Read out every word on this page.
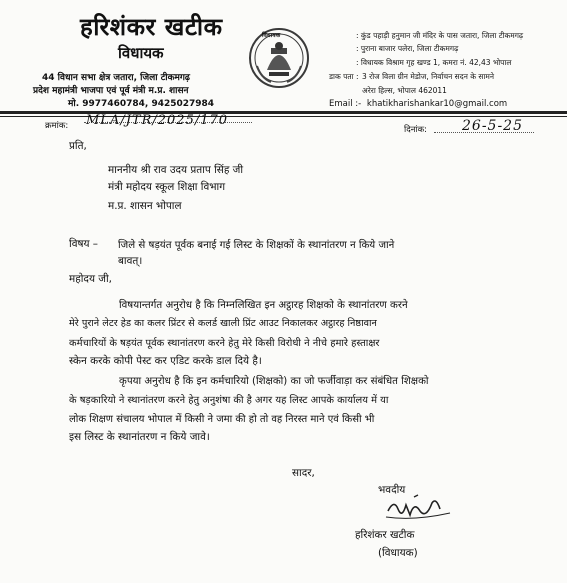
हरिशंकर खटीक
विधायक
44 विधान सभा क्षेत्र जतारा, जिला टीकमगढ़
प्रदेश महामंत्री भाजपा एवं पूर्व मंत्री म.प्र. शासन
मो. 9977460784, 9425027984
विधायक	: कुंड पहाड़ी हनुमान जी मंदिर के पास जतारा, जिला टीकमगढ़
: पुराना बाजार पलेरा, जिला टीकमगढ़
: विधायक विश्राम गृह खण्ड 1, कमरा नं. 42,43 भोपाल
डाक पता : 3 रोज विला ग्रीन मेडोज, निर्वाचन सदन के सामने
अरेरा हिल्स, भोपाल 462011
Email :- khatikharishankar10@gmail.com
क्रमांक: MLA/JTR/2025/170
दिनांक: 26-5-25
प्रति,
माननीय श्री राव उदय प्रताप सिंह जी
मंत्री महोदय स्कूल शिक्षा विभाग
म.प्र. शासन भोपाल
विषय – जिले से षड़यंत पूर्वक बनाई गई लिस्ट के शिक्षकों के स्थानांतरण न किये जाने
बावत्।
महोदय जी,
विषयान्तर्गत अनुरोध है कि निम्नलिखित इन अट्ठारह शिक्षको के स्थानांतरण करने
मेरे पुराने लेटर हेड का कलर प्रिंटर से कलर्ड खाली प्रिंट आउट निकालकर अट्ठारह निष्ठावान
कर्मचारियों के षड़यंत पूर्वक स्थानांतरण करने हेतु मेरे किसी विरोधी ने नीचे हमारे हस्ताक्षर
स्केन करके कोपी पेस्ट कर एडिट करके डाल दिये है।
कृपया अनुरोध है कि इन कर्मचारियो (शिक्षको) का जो फर्जीवाड़ा कर संबंधित शिक्षको
के षड़कारियो ने स्थानांतरण करने हेतु अनुशंषा की है अगर यह लिस्ट आपके कार्यालय में या
लोक शिक्षण संचालय भोपाल में किसी ने जमा की हो तो वह निरस्त माने एवं किसी भी
इस लिस्ट के स्थानांतरण न किये जावे।
सादर,
भवदीय
हरिशंकर खटीक
(विधायक)
